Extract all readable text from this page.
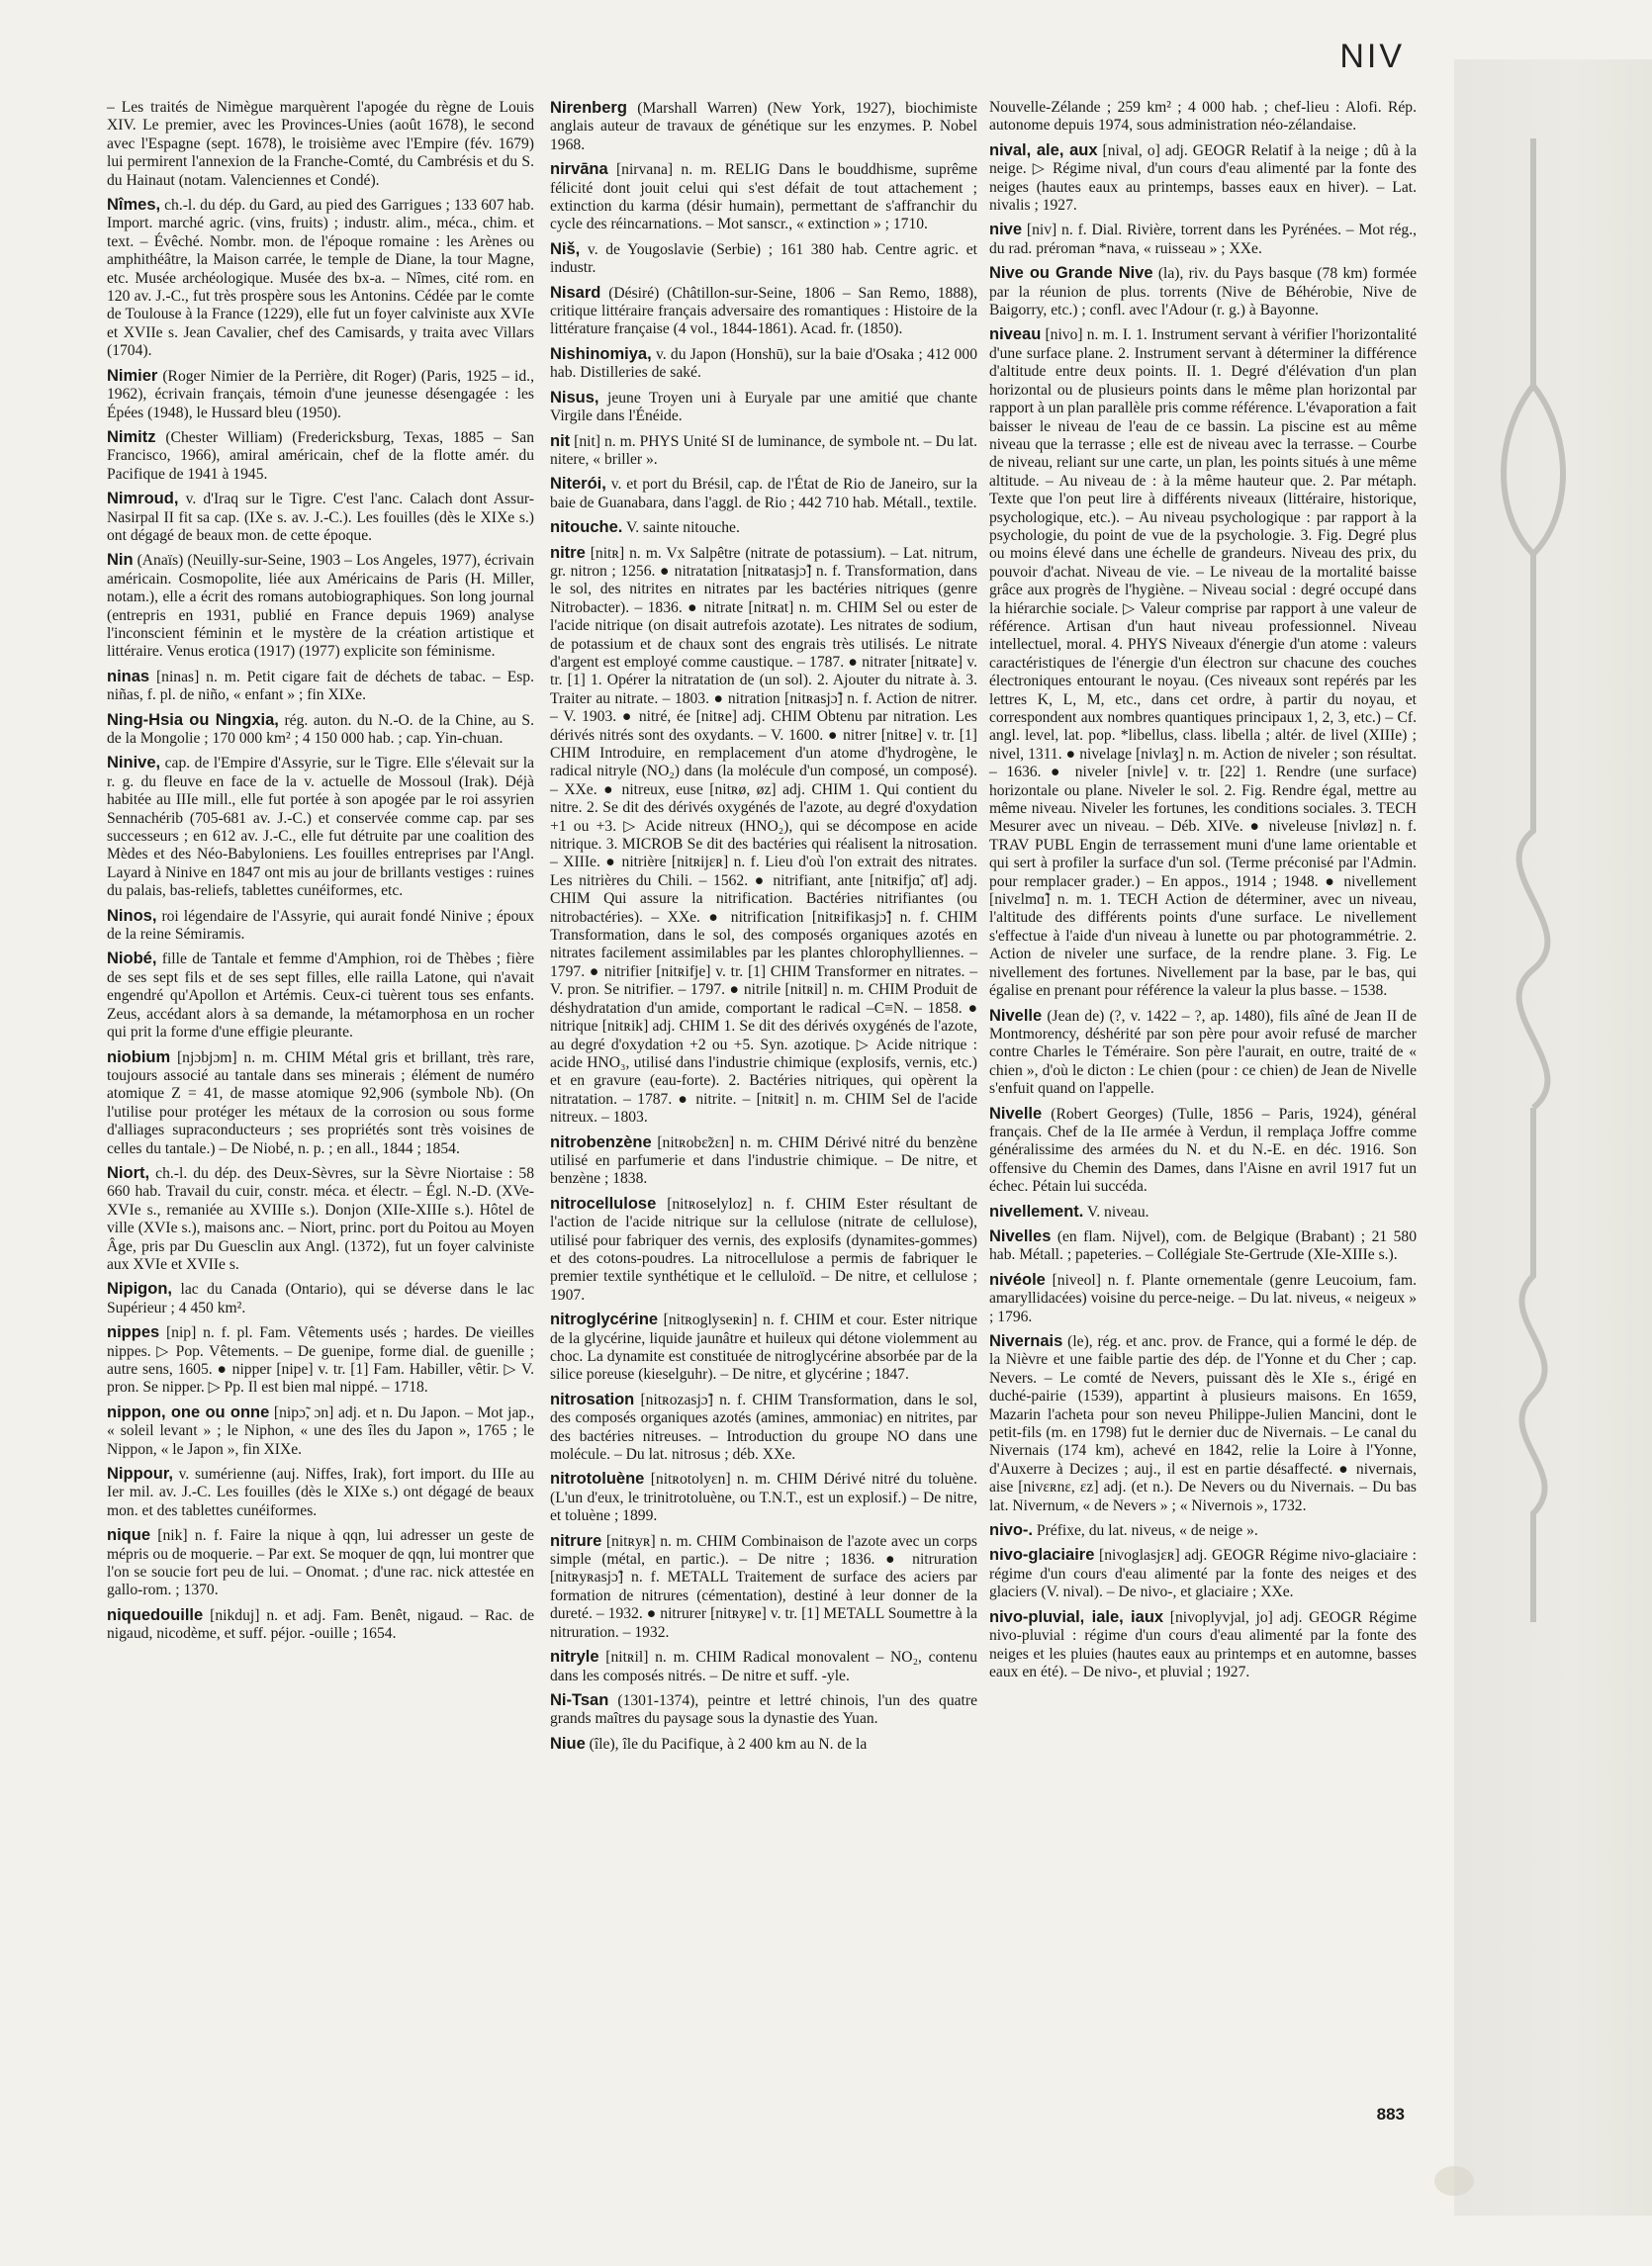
NIV

– Les traités de Nimègue marquèrent l'apogée du règne de Louis XIV. Le premier, avec les Provinces-Unies (août 1678), le second avec l'Espagne (sept. 1678), le troisième avec l'Empire (fév. 1679) lui permirent l'annexion de la Franche-Comté, du Cambrésis et du S. du Hainaut (notam. Valenciennes et Condé).

Nîmes, ch.-l. du dép. du Gard, au pied des Garrigues ; 133 607 hab. Import. marché agric. (vins, fruits) ; industr. alim., méca., chim. et text. – Évêché. Nombr. mon. de l'époque romaine : les Arènes ou amphithéâtre, la Maison carrée, le temple de Diane, la tour Magne, etc. Musée archéologique. Musée des bx-a. – Nîmes, cité rom. en 120 av. J.-C., fut très prospère sous les Antonins. Cédée par le comte de Toulouse à la France (1229), elle fut un foyer calviniste aux XVIe et XVIIe s. Jean Cavalier, chef des Camisards, y traita avec Villars (1704).

Nimier (Roger Nimier de la Perrière, dit Roger) (Paris, 1925 – id., 1962), écrivain français, témoin d'une jeunesse désengagée : les Épées (1948), le Hussard bleu (1950).

Nimitz (Chester William) (Fredericksburg, Texas, 1885 – San Francisco, 1966), amiral américain, chef de la flotte amér. du Pacifique de 1941 à 1945.

Nimroud, v. d'Iraq sur le Tigre. C'est l'anc. Calach dont Assur-Nasirpal II fit sa cap. (IXe s. av. J.-C.). Les fouilles (dès le XIXe s.) ont dégagé de beaux mon. de cette époque.

Nin (Anaïs) (Neuilly-sur-Seine, 1903 – Los Angeles, 1977), écrivain américain. Cosmopolite, liée aux Américains de Paris (H. Miller, notam.), elle a écrit des romans autobiographiques. Son long journal (entrepris en 1931, publié en France depuis 1969) analyse l'inconscient féminin et le mystère de la création artistique et littéraire. Venus erotica (1917) (1977) explicite son féminisme.

ninas [ninas] n. m. Petit cigare fait de déchets de tabac. – Esp. niñas, f. pl. de niño, « enfant » ; fin XIXe.

Ning-Hsia ou Ningxia, rég. auton. du N.-O. de la Chine, au S. de la Mongolie ; 170 000 km² ; 4 150 000 hab. ; cap. Yin-chuan.

Ninive, cap. de l'Empire d'Assyrie, sur le Tigre. Elle s'élevait sur la r. g. du fleuve en face de la v. actuelle de Mossoul (Irak). Déjà habitée au IIIe mill., elle fut portée à son apogée par le roi assyrien Sennachérib (705-681 av. J.-C.) et conservée comme cap. par ses successeurs ; en 612 av. J.-C., elle fut détruite par une coalition des Mèdes et des Néo-Babyloniens. Les fouilles entreprises par l'Angl. Layard à Ninive en 1847 ont mis au jour de brillants vestiges : ruines du palais, bas-reliefs, tablettes cunéiformes, etc.

Ninos, roi légendaire de l'Assyrie, qui aurait fondé Ninive ; époux de la reine Sémiramis.

Niobé, fille de Tantale et femme d'Amphion, roi de Thèbes ; fière de ses sept fils et de ses sept filles, elle railla Latone, qui n'avait engendré qu'Apollon et Artémis. Ceux-ci tuèrent tous ses enfants. Zeus, accédant alors à sa demande, la métamorphosa en un rocher qui prit la forme d'une effigie pleurante.

niobium [njɔbjɔm] n. m. CHIM Métal gris et brillant, très rare, toujours associé au tantale dans ses minerais ; élément de numéro atomique Z = 41, de masse atomique 92,906 (symbole Nb). (On l'utilise pour protéger les métaux de la corrosion ou sous forme d'alliages supraconducteurs ; ses propriétés sont très voisines de celles du tantale.) – De Niobé, n. p. ; en all., 1844 ; 1854.

Niort, ch.-l. du dép. des Deux-Sèvres, sur la Sèvre Niortaise : 58 660 hab. Travail du cuir, constr. méca. et électr. – Égl. N.-D. (XVe-XVIe s., remaniée au XVIIIe s.). Donjon (XIIe-XIIIe s.). Hôtel de ville (XVIe s.), maisons anc. – Niort, princ. port du Poitou au Moyen Âge, pris par Du Guesclin aux Angl. (1372), fut un foyer calviniste aux XVIe et XVIIe s.

Nipigon, lac du Canada (Ontario), qui se déverse dans le lac Supérieur ; 4 450 km².

nippes [nip] n. f. pl. Fam. Vêtements usés ; hardes. De vieilles nippes. ▷ Pop. Vêtements. – De guenipe, forme dial. de guenille ; autre sens, 1605. ● nipper [nipe] v. tr. [1] Fam. Habiller, vêtir. ▷ V. pron. Se nipper. ▷ Pp. Il est bien mal nippé. – 1718.

nippon, one ou onne [nipɔ̃, ɔn] adj. et n. Du Japon. – Mot jap., « soleil levant » ; le Niphon, « une des îles du Japon », 1765 ; le Nippon, « le Japon », fin XIXe.

Nippour, v. sumérienne (auj. Niffes, Irak), fort import. du IIIe au Ier mil. av. J.-C. Les fouilles (dès le XIXe s.) ont dégagé de beaux mon. et des tablettes cunéiformes.

nique [nik] n. f. Faire la nique à qqn, lui adresser un geste de mépris ou de moquerie. – Par ext. Se moquer de qqn, lui montrer que l'on se soucie fort peu de lui. – Onomat. ; d'une rac. nick attestée en gallo-rom. ; 1370.

niquedouille [nikduj] n. et adj. Fam. Benêt, nigaud. – Rac. de nigaud, nicodème, et suff. péjor. -ouille ; 1654.

Nirenberg (Marshall Warren) (New York, 1927), biochimiste anglais auteur de travaux de génétique sur les enzymes. P. Nobel 1968.

nirvāna [nirvana] n. m. RELIG Dans le bouddhisme, suprême félicité dont jouit celui qui s'est défait de tout attachement ; extinction du karma (désir humain), permettant de s'affranchir du cycle des réincarnations. – Mot sanscr., « extinction » ; 1710.

Niš, v. de Yougoslavie (Serbie) ; 161 380 hab. Centre agric. et industr.

Nisard (Désiré) (Châtillon-sur-Seine, 1806 – San Remo, 1888), critique littéraire français adversaire des romantiques : Histoire de la littérature française (4 vol., 1844-1861). Acad. fr. (1850).

Nishinomiya, v. du Japon (Honshū), sur la baie d'Osaka ; 412 000 hab. Distilleries de saké.

Nisus, jeune Troyen uni à Euryale par une amitié que chante Virgile dans l'Énéide.

nit [nit] n. m. PHYS Unité SI de luminance, de symbole nt. – Du lat. nitere, « briller ».

Niterói, v. et port du Brésil, cap. de l'État de Rio de Janeiro, sur la baie de Guanabara, dans l'aggl. de Rio ; 442 710 hab. Métall., textile.

nitouche. V. sainte nitouche.

nitre [nitʀ] n. m. Vx Salpêtre (nitrate de potassium). – Lat. nitrum, gr. nitron ; 1256. ● nitratation [nitʀatasjɔ̃] n. f. Transformation, dans le sol, des nitrites en nitrates par les bactéries nitriques (genre Nitrobacter). – 1836. ● nitrate [nitʀat] n. m. CHIM Sel ou ester de l'acide nitrique (on disait autrefois azotate). Les nitrates de sodium, de potassium et de chaux sont des engrais très utilisés. Le nitrate d'argent est employé comme caustique. – 1787. ● nitrater [nitʀate] v. tr. [1] 1. Opérer la nitratation de (un sol). 2. Ajouter du nitrate à. 3. Traiter au nitrate. – 1803. ● nitration [nitʀasjɔ̃] n. f. Action de nitrer. – V. 1903. ● nitré, ée [nitʀe] adj. CHIM Obtenu par nitration. Les dérivés nitrés sont des oxydants. – V. 1600. ● nitrer [nitʀe] v. tr. [1] CHIM Introduire, en remplacement d'un atome d'hydrogène, le radical nitryle (NO₂) dans (la molécule d'un composé, un composé). – XXe. ● nitreux, euse [nitʀø, øz] adj. CHIM 1. Qui contient du nitre. 2. Se dit des dérivés oxygénés de l'azote, au degré d'oxydation +1 ou +3. ▷ Acide nitreux (HNO₂), qui se décompose en acide nitrique. 3. MICROB Se dit des bactéries qui réalisent la nitrosation. – XIIIe. ● nitrière [nitʀijɛʀ] n. f. Lieu d'où l'on extrait des nitrates. Les nitrières du Chili. – 1562. ● nitrifiant, ante [nitʀifjɑ̃, ɑ̃t] adj. CHIM Qui assure la nitrification. Bactéries nitrifiantes (ou nitrobactéries). – XXe. ● nitrification [nitʀifikasjɔ̃] n. f. CHIM Transformation, dans le sol, des composés organiques azotés en nitrates facilement assimilables par les plantes chlorophylliennes. – 1797. ● nitrifier [nitʀifje] v. tr. [1] CHIM Transformer en nitrates. – V. pron. Se nitrifier. – 1797. ● nitrile [nitʀil] n. m. CHIM Produit de déshydratation d'un amide, comportant le radical –C≡N. – 1858. ● nitrique [nitʀik] adj. CHIM 1. Se dit des dérivés oxygénés de l'azote, au degré d'oxydation +2 ou +5. Syn. azotique. ▷ Acide nitrique : acide HNO₃, utilisé dans l'industrie chimique (explosifs, vernis, etc.) et en gravure (eau-forte). 2. Bactéries nitriques, qui opèrent la nitratation. – 1787. ● nitrite. – [nitʀit] n. m. CHIM Sel de l'acide nitreux. – 1803.

nitrobenzène [nitʀobɛ̃zɛn] n. m. CHIM Dérivé nitré du benzène utilisé en parfumerie et dans l'industrie chimique. – De nitre, et benzène ; 1838.

nitrocellulose [nitʀoselyloz] n. f. CHIM Ester résultant de l'action de l'acide nitrique sur la cellulose (nitrate de cellulose), utilisé pour fabriquer des vernis, des explosifs (dynamites-gommes) et des cotons-poudres. La nitrocellulose a permis de fabriquer le premier textile synthétique et le celluloïd. – De nitre, et cellulose ; 1907.

nitroglycérine [nitʀoglyseʀin] n. f. CHIM et cour. Ester nitrique de la glycérine, liquide jaunâtre et huileux qui détone violemment au choc. La dynamite est constituée de nitroglycérine absorbée par de la silice poreuse (kieselguhr). – De nitre, et glycérine ; 1847.

nitrosation [nitʀozasjɔ̃] n. f. CHIM Transformation, dans le sol, des composés organiques azotés (amines, ammoniac) en nitrites, par des bactéries nitreuses. – Introduction du groupe NO dans une molécule. – Du lat. nitrosus ; déb. XXe.

nitrotoluène [nitʀotolyɛn] n. m. CHIM Dérivé nitré du toluène. (L'un d'eux, le trinitrotoluène, ou T.N.T., est un explosif.) – De nitre, et toluène ; 1899.

nitrure [nitʀyʀ] n. m. CHIM Combinaison de l'azote avec un corps simple (métal, en partic.). – De nitre ; 1836. ● nitruration [nitʀyʀasjɔ̃] n. f. METALL Traitement de surface des aciers par formation de nitrures (cémentation), destiné à leur donner de la dureté. – 1932. ● nitrurer [nitʀyʀe] v. tr. [1] METALL Soumettre à la nitruration. – 1932.

nitryle [nitʀil] n. m. CHIM Radical monovalent – NO₂, contenu dans les composés nitrés. – De nitre et suff. -yle.

Ni-Tsan (1301-1374), peintre et lettré chinois, l'un des quatre grands maîtres du paysage sous la dynastie des Yuan.

Niue (île), île du Pacifique, à 2 400 km au N. de la

Nouvelle-Zélande ; 259 km² ; 4 000 hab. ; chef-lieu : Alofi. Rép. autonome depuis 1974, sous administration néo-zélandaise.

nival, ale, aux [nival, o] adj. GEOGR Relatif à la neige ; dû à la neige. ▷ Régime nival, d'un cours d'eau alimenté par la fonte des neiges (hautes eaux au printemps, basses eaux en hiver). – Lat. nivalis ; 1927.

nive [niv] n. f. Dial. Rivière, torrent dans les Pyrénées. – Mot rég., du rad. préroman *nava, « ruisseau » ; XXe.

Nive ou Grande Nive (la), riv. du Pays basque (78 km) formée par la réunion de plus. torrents (Nive de Béhérobie, Nive de Baigorry, etc.) ; confl. avec l'Adour (r. g.) à Bayonne.

niveau [nivo] n. m. I. 1. Instrument servant à vérifier l'horizontalité d'une surface plane. 2. Instrument servant à déterminer la différence d'altitude entre deux points. II. 1. Degré d'élévation d'un plan horizontal ou de plusieurs points dans le même plan horizontal par rapport à un plan parallèle pris comme référence. L'évaporation a fait baisser le niveau de l'eau de ce bassin. La piscine est au même niveau que la terrasse ; elle est de niveau avec la terrasse. – Courbe de niveau, reliant sur une carte, un plan, les points situés à une même altitude. – Au niveau de : à la même hauteur que. 2. Par métaph. Texte que l'on peut lire à différents niveaux (littéraire, historique, psychologique, etc.). – Au niveau psychologique : par rapport à la psychologie, du point de vue de la psychologie. 3. Fig. Degré plus ou moins élevé dans une échelle de grandeurs. Niveau des prix, du pouvoir d'achat. Niveau de vie. – Le niveau de la mortalité baisse grâce aux progrès de l'hygiène. – Niveau social : degré occupé dans la hiérarchie sociale. ▷ Valeur comprise par rapport à une valeur de référence. Artisan d'un haut niveau professionnel. Niveau intellectuel, moral. 4. PHYS Niveaux d'énergie d'un atome : valeurs caractéristiques de l'énergie d'un électron sur chacune des couches électroniques entourant le noyau. (Ces niveaux sont repérés par les lettres K, L, M, etc., dans cet ordre, à partir du noyau, et correspondent aux nombres quantiques principaux 1, 2, 3, etc.) – Cf. angl. level, lat. pop. *libellus, class. libella ; altér. de livel (XIIIe) ; nivel, 1311. ● nivelage [nivlaʒ] n. m. Action de niveler ; son résultat. – 1636. ● niveler [nivle] v. tr. [22] 1. Rendre (une surface) horizontale ou plane. Niveler le sol. 2. Fig. Rendre égal, mettre au même niveau. Niveler les fortunes, les conditions sociales. 3. TECH Mesurer avec un niveau. – Déb. XIVe. ● niveleuse [nivløz] n. f. TRAV PUBL Engin de terrassement muni d'une lame orientable et qui sert à profiler la surface d'un sol. (Terme préconisé par l'Admin. pour remplacer grader.) – En appos., 1914 ; 1948. ● nivellement [nivɛlmɑ̃] n. m. 1. TECH Action de déterminer, avec un niveau, l'altitude des différents points d'une surface. Le nivellement s'effectue à l'aide d'un niveau à lunette ou par photogrammétrie. 2. Action de niveler une surface, de la rendre plane. 3. Fig. Le nivellement des fortunes. Nivellement par la base, par le bas, qui égalise en prenant pour référence la valeur la plus basse. – 1538.

Nivelle (Jean de) (?, v. 1422 – ?, ap. 1480), fils aîné de Jean II de Montmorency, déshérité par son père pour avoir refusé de marcher contre Charles le Téméraire. Son père l'aurait, en outre, traité de « chien », d'où le dicton : Le chien (pour : ce chien) de Jean de Nivelle s'enfuit quand on l'appelle.

Nivelle (Robert Georges) (Tulle, 1856 – Paris, 1924), général français. Chef de la IIe armée à Verdun, il remplaça Joffre comme généralissime des armées du N. et du N.-E. en déc. 1916. Son offensive du Chemin des Dames, dans l'Aisne en avril 1917 fut un échec. Pétain lui succéda.

nivellement. V. niveau.

Nivelles (en flam. Nijvel), com. de Belgique (Brabant) ; 21 580 hab. Métall. ; papeteries. – Collégiale Ste-Gertrude (XIe-XIIIe s.).

nivéole [niveol] n. f. Plante ornementale (genre Leucoium, fam. amaryllidacées) voisine du perce-neige. – Du lat. niveus, « neigeux » ; 1796.

Nivernais (le), rég. et anc. prov. de France, qui a formé le dép. de la Nièvre et une faible partie des dép. de l'Yonne et du Cher ; cap. Nevers. – Le comté de Nevers, puissant dès le XIe s., érigé en duché-pairie (1539), appartint à plusieurs maisons. En 1659, Mazarin l'acheta pour son neveu Philippe-Julien Mancini, dont le petit-fils (m. en 1798) fut le dernier duc de Nivernais. – Le canal du Nivernais (174 km), achevé en 1842, relie la Loire à l'Yonne, d'Auxerre à Decizes ; auj., il est en partie désaffecté. ● nivernais, aise [nivɛʀnɛ, ɛz] adj. (et n.). De Nevers ou du Nivernais. – Du bas lat. Nivernum, « de Nevers » ; « Nivernois », 1732.

nivo-. Préfixe, du lat. niveus, « de neige ».

nivo-glaciaire [nivoglasjɛʀ] adj. GEOGR Régime nivo-glaciaire : régime d'un cours d'eau alimenté par la fonte des neiges et des glaciers (V. nival). – De nivo-, et glaciaire ; XXe.

nivo-pluvial, iale, iaux [nivoplyvjal, jo] adj. GEOGR Régime nivo-pluvial : régime d'un cours d'eau alimenté par la fonte des neiges et les pluies (hautes eaux au printemps et en automne, basses eaux en été). – De nivo-, et pluvial ; 1927.

883
